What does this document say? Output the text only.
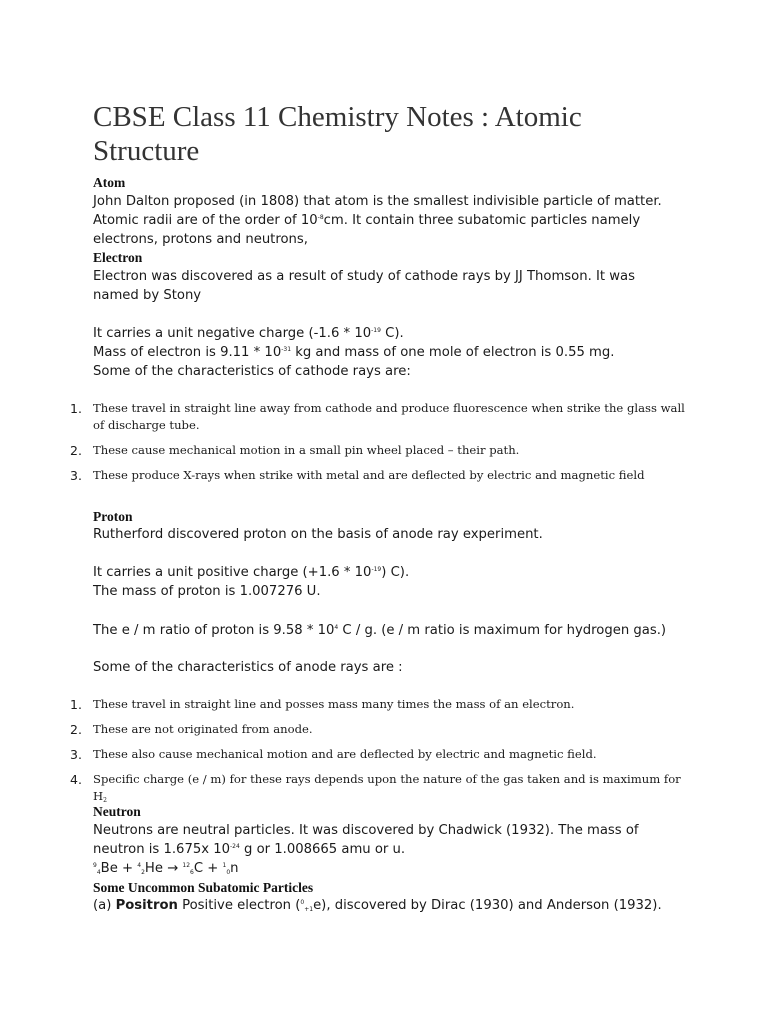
CBSE Class 11 Chemistry Notes : Atomic Structure
Atom

John Dalton proposed (in 1808) that atom is the smallest indivisible particle of matter. Atomic radii are of the order of $10^{-8}cm$. It contain three subatomic particles namely electrons, protons and neutrons,

Electron

Electron was discovered as a result of study of cathode rays by JJ Thomson. It was named by Stony

It carries a unit negative charge ($-1.6 * 10^{-19}$ C).

Mass of electron is $9.11 * 10^{-31}$ kg and mass of one mole of electron is 0.55 mg.

Some of the characteristics of cathode rays are:

1. These travel in straight line away from cathode and produce fluorescence when strike the glass wall of discharge tube.
2. These cause mechanical motion in a small pin wheel placed – their path.
3. These produce X-rays when strike with metal and are deflected by electric and magnetic field
Proton

Rutherford discovered proton on the basis of anode ray experiment.

It carries a unit positive charge $(+1.6 * 10^{-19})$ C).

The mass of proton is 1.007276 U.

The e / m ratio of proton is $9.58 * 10^4$ C / g. (e / m ratio is maximum for hydrogen gas.)

Some of the characteristics of anode rays are :

1. These travel in straight line and posses mass many times the mass of an electron.
2. These are not originated from anode.
3. These also cause mechanical motion and are deflected by electric and magnetic field.
4. Specific charge (e / m) for these rays depends upon the nature of the gas taken and is maximum for $H_2$
Neutron

Neutrons are neutral particles. It was discovered by Chadwick (1932). The mass of neutron is 1.675x $10^{-24}$ g or 1.008665 amu or u.

$^9_4$Be + $^4_2$He → $^{12}_6$C + $^1_0$n
Some Uncommon Subatomic Particles

(a) Positron Positive electron ($^0_{+1}$e), discovered by Dirac (1930) and Anderson (1932).
